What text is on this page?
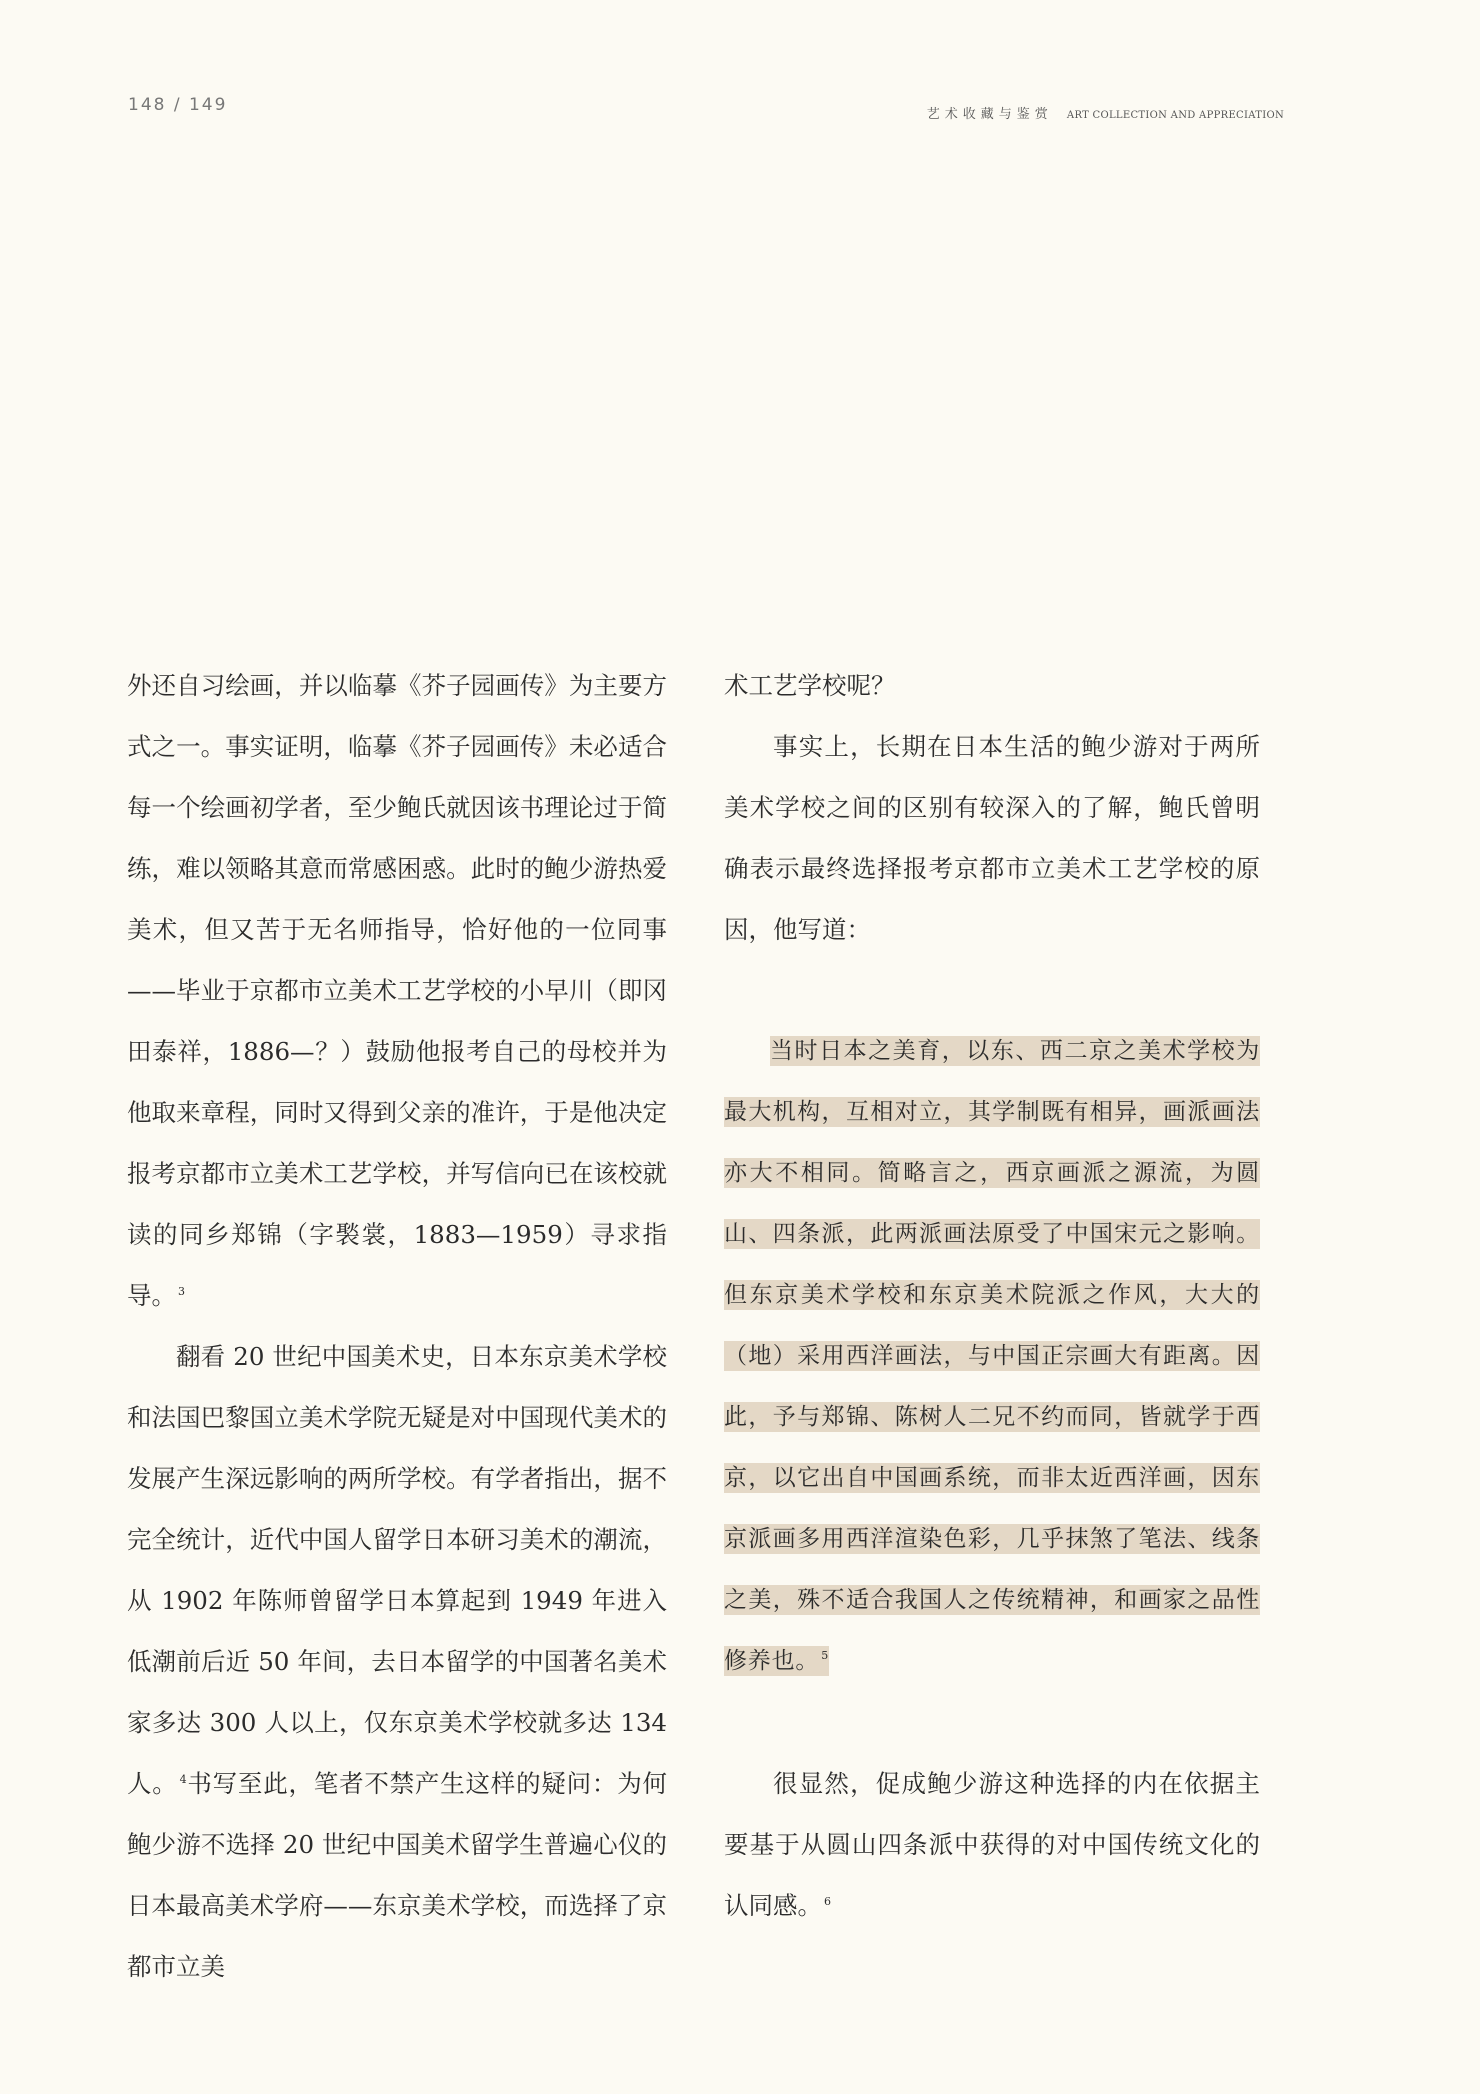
148 / 149	艺术收藏与鉴赏 ART COLLECTION AND APPRECIATION

外还自习绘画，并以临摹《芥子园画传》为主要方式之一。事实证明，临摹《芥子园画传》未必适合每一个绘画初学者，至少鲍氏就因该书理论过于简练，难以领略其意而常感困惑。此时的鲍少游热爱美术，但又苦于无名师指导，恰好他的一位同事——毕业于京都市立美术工艺学校的小早川（即冈田泰祥，1886—？）鼓励他报考自己的母校并为他取来章程，同时又得到父亲的准许，于是他决定报考京都市立美术工艺学校，并写信向已在该校就读的同乡郑锦（字褧裳，1883—1959）寻求指导。 $^3$

翻看 20 世纪中国美术史，日本东京美术学校和法国巴黎国立美术学院无疑是对中国现代美术的发展产生深远影响的两所学校。有学者指出，据不完全统计，近代中国人留学日本研习美术的潮流，从 1902 年陈师曾留学日本算起到 1949 年进入低潮前后近 50 年间，去日本留学的中国著名美术家多达 300 人以上，仅东京美术学校就多达 134 人。 $^4$书写至此，笔者不禁产生这样的疑问：为何鲍少游不选择 20 世纪中国美术留学生普遍心仪的日本最高美术学府——东京美术学校，而选择了京都市立美

术工艺学校呢？

事实上，长期在日本生活的鲍少游对于两所美术学校之间的区别有较深入的了解，鲍氏曾明确表示最终选择报考京都市立美术工艺学校的原因，他写道：

当时日本之美育，以东、西二京之美术学校为最大机构，互相对立，其学制既有相异，画派画法亦大不相同。简略言之，西京画派之源流，为圆山、四条派，此两派画法原受了中国宋元之影响。但东京美术学校和东京美术院派之作风，大大的（地）采用西洋画法，与中国正宗画大有距离。因此，予与郑锦、陈树人二兄不约而同，皆就学于西京，以它出自中国画系统，而非太近西洋画，因东京派画多用西洋渲染色彩，几乎抹煞了笔法、线条之美，殊不适合我国人之传统精神，和画家之品性修养也。 $^5$

很显然，促成鲍少游这种选择的内在依据主要基于从圆山四条派中获得的对中国传统文化的认同感。 $^6$
